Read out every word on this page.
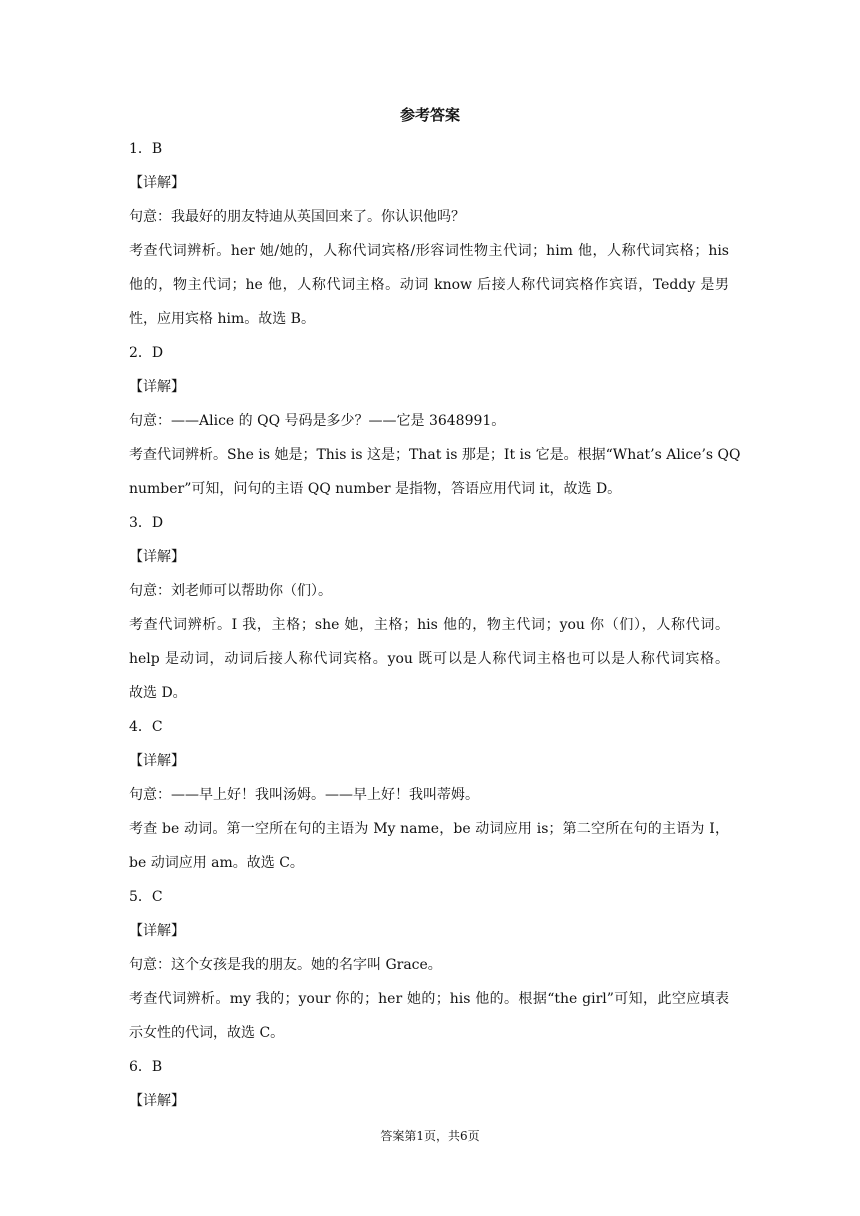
参考答案
1．B
【详解】
句意：我最好的朋友特迪从英国回来了。你认识他吗？
考查代词辨析。her 她/她的，人称代词宾格/形容词性物主代词；him 他，人称代词宾格；his
他的，物主代词；he 他，人称代词主格。动词 know 后接人称代词宾格作宾语，Teddy 是男
性，应用宾格 him。故选 B。
2．D
【详解】
句意：——Alice 的 QQ 号码是多少？——它是 3648991。
考查代词辨析。She is 她是；This is 这是；That is 那是；It is 它是。根据“What’s Alice’s QQ
number”可知，问句的主语 QQ number 是指物，答语应用代词 it，故选 D。
3．D
【详解】
句意：刘老师可以帮助你（们）。
考查代词辨析。I 我，主格；she 她，主格；his 他的，物主代词；you 你（们），人称代词。
help 是动词，动词后接人称代词宾格。you 既可以是人称代词主格也可以是人称代词宾格。
故选 D。
4．C
【详解】
句意：——早上好！我叫汤姆。——早上好！我叫蒂姆。
考查 be 动词。第一空所在句的主语为 My name，be 动词应用 is；第二空所在句的主语为 I，
be 动词应用 am。故选 C。
5．C
【详解】
句意：这个女孩是我的朋友。她的名字叫 Grace。
考查代词辨析。my 我的；your 你的；her 她的；his 他的。根据“the girl”可知，此空应填表
示女性的代词，故选 C。
6．B
【详解】
答案第1页，共6页
